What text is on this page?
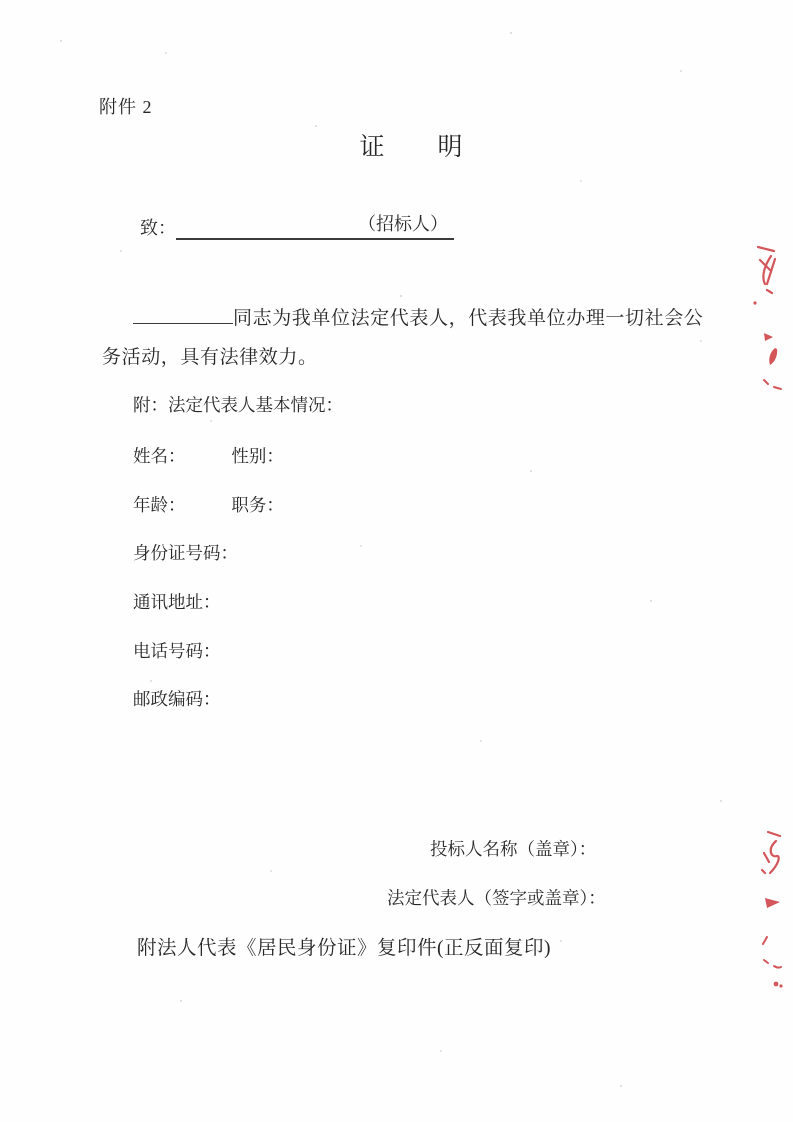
附件 2
证　　明
致：	（招标人）
同志为我单位法定代表人，代表我单位办理一切社会公
务活动，具有法律效力。
附：法定代表人基本情况：
姓名：	性别：
年龄：	职务：
身份证号码：
通讯地址：
电话号码：
邮政编码：
投标人名称（盖章）：
法定代表人（签字或盖章）：
附法人代表《居民身份证》复印件(正反面复印)
